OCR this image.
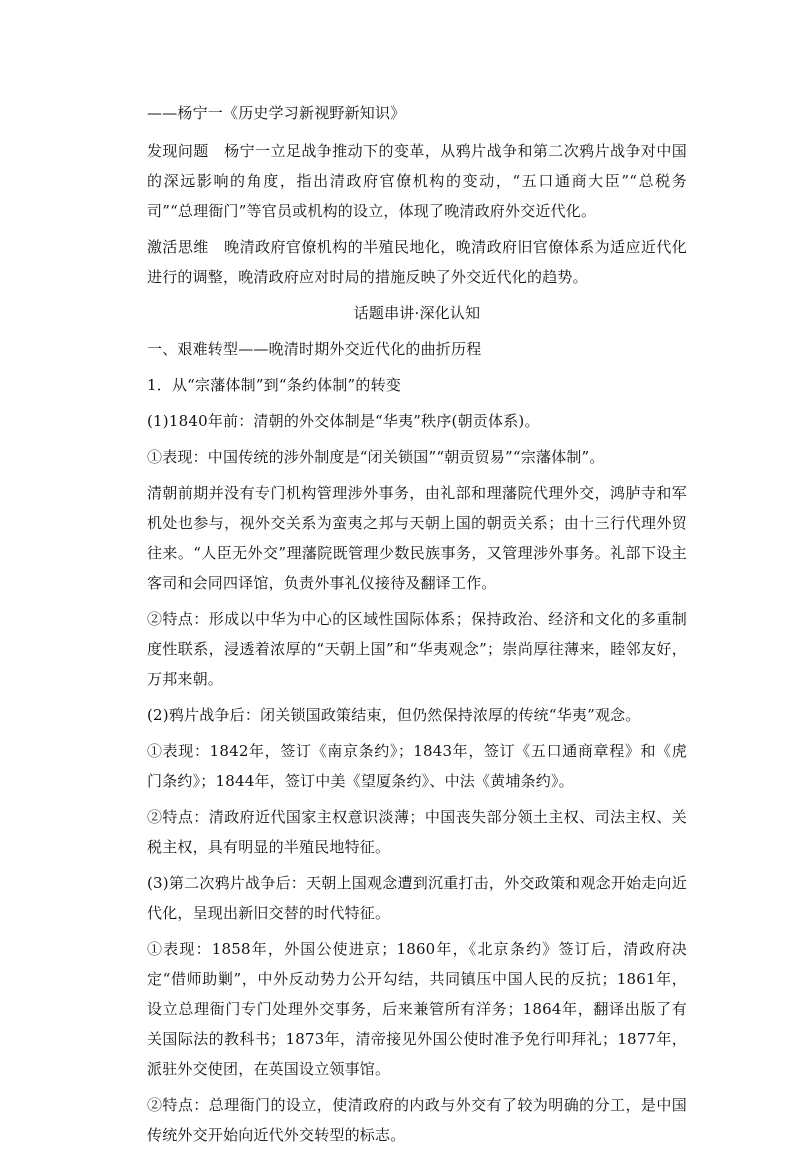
——杨宁一《历史学习新视野新知识》

发现问题　杨宁一立足战争推动下的变革，从鸦片战争和第二次鸦片战争对中国的深远影响的角度，指出清政府官僚机构的变动，“五口通商大臣”“总税务司”“总理衙门”等官员或机构的设立，体现了晚清政府外交近代化。

激活思维　晚清政府官僚机构的半殖民地化，晚清政府旧官僚体系为适应近代化进行的调整，晚清政府应对时局的措施反映了外交近代化的趋势。

话题串讲·深化认知

一、艰难转型——晚清时期外交近代化的曲折历程

1．从“宗藩体制”到“条约体制”的转变

(1)1840年前：清朝的外交体制是“华夷”秩序(朝贡体系)。

①表现：中国传统的涉外制度是“闭关锁国”“朝贡贸易”“宗藩体制”。

清朝前期并没有专门机构管理涉外事务，由礼部和理藩院代理外交，鸿胪寺和军机处也参与，视外交关系为蛮夷之邦与天朝上国的朝贡关系；由十三行代理外贸往来。“人臣无外交”理藩院既管理少数民族事务，又管理涉外事务。礼部下设主客司和会同四译馆，负责外事礼仪接待及翻译工作。

②特点：形成以中华为中心的区域性国际体系；保持政治、经济和文化的多重制度性联系，浸透着浓厚的“天朝上国”和“华夷观念”；崇尚厚往薄来，睦邻友好，万邦来朝。

(2)鸦片战争后：闭关锁国政策结束，但仍然保持浓厚的传统“华夷”观念。

①表现：1842年，签订《南京条约》；1843年，签订《五口通商章程》和《虎门条约》；1844年，签订中美《望厦条约》、中法《黄埔条约》。

②特点：清政府近代国家主权意识淡薄；中国丧失部分领土主权、司法主权、关税主权，具有明显的半殖民地特征。

(3)第二次鸦片战争后：天朝上国观念遭到沉重打击，外交政策和观念开始走向近代化，呈现出新旧交替的时代特征。

①表现：1858年，外国公使进京；1860年，《北京条约》签订后，清政府决定“借师助剿”，中外反动势力公开勾结，共同镇压中国人民的反抗；1861年，设立总理衙门专门处理外交事务，后来兼管所有洋务；1864年，翻译出版了有关国际法的教科书；1873年，清帝接见外国公使时准予免行叩拜礼；1877年，派驻外交使团，在英国设立领事馆。

②特点：总理衙门的设立，使清政府的内政与外交有了较为明确的分工，是中国传统外交开始向近代外交转型的标志。
